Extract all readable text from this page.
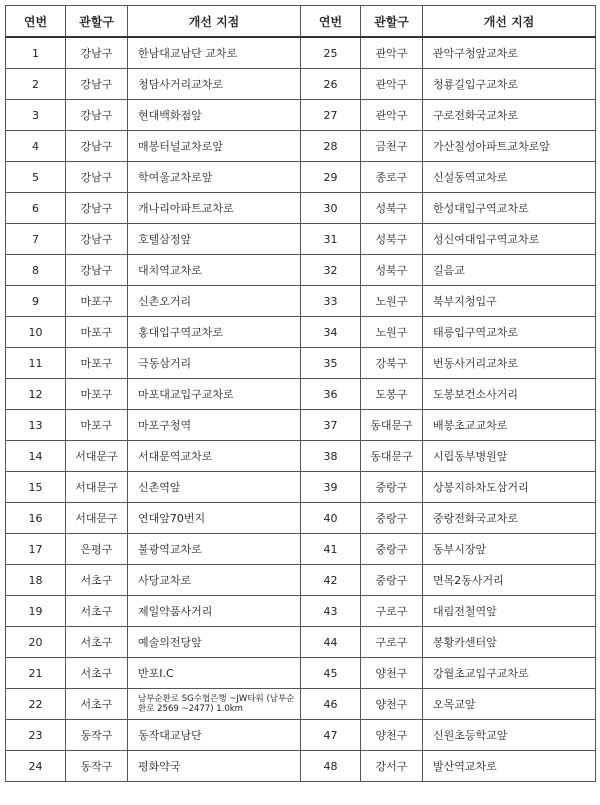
연번	관할구	개선 지점	연번	관할구	개선 지점
1	강남구	한남대교남단 교차로	25	관악구	관악구청앞교차로
2	강남구	청담사거리교차로	26	관악구	청룡길입구교차로
3	강남구	현대백화점앞	27	관악구	구로전화국교차로
4	강남구	매봉터널교차로앞	28	금천구	가산칠성아파트교차로앞
5	강남구	학여울교차로앞	29	종로구	신설동역교차로
6	강남구	개나리아파트교차로	30	성북구	한성대입구역교차로
7	강남구	호텔삼정앞	31	성북구	성신여대입구역교차로
8	강남구	대치역교차로	32	성북구	길음교
9	마포구	신촌오거리	33	노원구	북부지청입구
10	마포구	홍대입구역교차로	34	노원구	태릉입구역교차로
11	마포구	극동삼거리	35	강북구	번동사거리교차로
12	마포구	마포대교입구교차로	36	도봉구	도봉보건소사거리
13	마포구	마포구청역	37	동대문구	배봉초교교차로
14	서대문구	서대문역교차로	38	동대문구	시립동부병원앞
15	서대문구	신촌역앞	39	중랑구	상봉지하차도삼거리
16	서대문구	연대앞70번지	40	중랑구	중랑전화국교차로
17	은평구	불광역교차로	41	중랑구	동부시장앞
18	서초구	사당교차로	42	중랑구	면목2동사거리
19	서초구	제일약품사거리	43	구로구	대림전철역앞
20	서초구	예술의전당앞	44	구로구	봉황카센터앞
21	서초구	반포I.C	45	양천구	강월초교입구교차로
22	서초구	남부순환로 SG수협은행 ~JW타워 (남부순환로 2569 ~2477) 1.0km	46	양천구	오목교앞
23	동작구	동작대교남단	47	양천구	신원초등학교앞
24	동작구	평화약국	48	강서구	발산역교차로
